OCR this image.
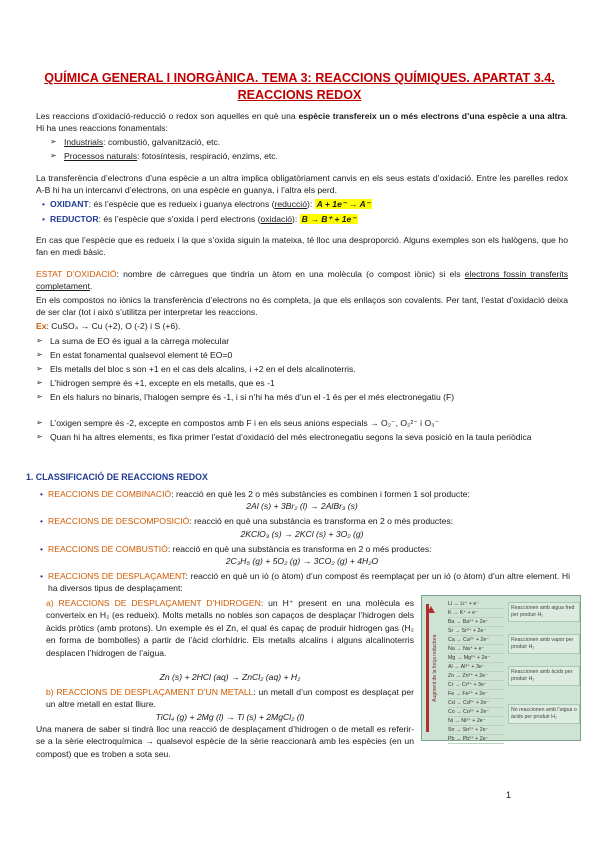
QUÍMICA GENERAL I INORGÀNICA. TEMA 3: REACCIONS QUÍMIQUES. APARTAT 3.4. REACCIONS REDOX
Les reaccions d’oxidació-reducció o redox son aquelles en què una espècie transfereix un o més electrons d’una espècie a una altra. Hi ha unes reaccions fonamentals:
➢ Industrials: combustió, galvanització, etc.
➢ Processos naturals: fotosíntesis, respiració, enzims, etc.
La transferència d’electrons d’una espècie a un altra implica obligatòriament canvis en els seus estats d’oxidació. Entre les parelles redox A-B hi ha un intercanvi d’electrons, on una espècie en guanya, i l’altra els perd.
• OXIDANT: és l’espècie que es redueix i guanya electrons (reducció): A + 1e⁻ → A⁻
• REDUCTOR: és l’espècie que s’oxida i perd electrons (oxidació): B → B⁺ + 1e⁻
En cas que l’espècie que es redueix i la que s’oxida siguin la mateixa, té lloc una desproporció. Alguns exemples son els halògens, que ho fan en medi bàsic.
ESTAT D’OXIDACIÓ: nombre de càrregues que tindria un àtom en una molècula (o compost iònic) si els electrons fossin transferits completament.
En els compostos no iònics la transferència d’electrons no és completa, ja que els enllaços son covalents. Per tant, l’estat d’oxidació deixa de ser clar (tot i això s’utilitza per interpretar les reaccions.
Ex: CuSO₄ → Cu (+2), O (-2) i S (+6).
➢ La suma de EO és igual a la càrrega molecular
➢ En estat fonamental qualsevol element té EO=0
➢ Els metalls del bloc s son +1 en el cas dels alcalins, i +2 en el dels alcalinoterris.
➢ L’hidrogen sempre és +1, excepte en els metalls, que es -1
➢ En els halurs no binaris, l’halogen sempre és -1, i si n’hi ha més d’un el -1 és per el més electronegatiu (F)
➢ L’oxigen sempre és -2, excepte en compostos amb F i en els seus anions especials → O₂⁻, O₂²⁻ i O₃⁻
➢ Quan hi ha altres elements, es fixa primer l’estat d’oxidació del més electronegatiu segons la seva posició en la taula periòdica
1. CLASSIFICACIÓ DE REACCIONS REDOX
• REACCIONS DE COMBINACIÓ: reacció en què les 2 o més substàncies es combinen i formen 1 sol producte:
2Al (s) + 3Br₂ (l) → 2AlBr₃ (s)
• REACCIONS DE DESCOMPOSICIÓ: reacció en què una substància es transforma en 2 o més productes:
2KClO₃ (s) → 2KCl (s) + 3O₂ (g)
• REACCIONS DE COMBUSTIÓ: reacció en què una substància es transforma en 2 o més productes:
2C₃H₈ (g) + 5O₂ (g) → 3CO₂ (g) + 4H₂O
• REACCIONS DE DESPLAÇAMENT: reacció en què un ió (o àtom) d’un compost és reemplaçat per un ió (o àtom) d’un altre element. Hi ha diversos tipus de desplaçament:
a) REACCIONS DE DESPLAÇAMENT D’HIDROGEN: un H⁺ present en una molècula es converteix en H₂ (es redueix). Molts metalls no nobles son capaços de desplaçar l’hidrogen dels àcids pròtics (amb protons). Un exemple és el Zn, el qual és capaç de produir hidrogen gas (H₂ en forma de bombolles) a partir de l’àcid clorhídric. Els metalls alcalins i alguns alcalinoterris desplacen l’hidrogen de l’aigua.
Zn (s) + 2HCl (aq) → ZnCl₂ (aq) + H₂
b) REACCIONS DE DESPLAÇAMENT D’UN METALL: un metall d’un compost es desplaçat per un altre metall en estat lliure.
TiCl₄ (g) + 2Mg (l) → Ti (s) + 2MgCl₂ (l)
Una manera de saber si tindrà lloc una reacció de desplaçament d’hidrogen o de metall es referir-se a la sèrie electroquímica → qualsevol espècie de la sèrie reaccionarà amb les espècies (en un compost) que es troben a sota seu.
Augment de la força reductora
Li → Li⁺ + e⁻
K → K⁺ + e⁻
Ba → Ba²⁺ + 2e⁻
Sr → Sr²⁺ + 2e⁻
Ca → Ca²⁺ + 2e⁻
Na → Na⁺ + e⁻
Mg → Mg²⁺ + 2e⁻
Al → Al³⁺ + 3e⁻
Zn → Zn²⁺ + 2e⁻
Cr → Cr³⁺ + 3e⁻
Fe → Fe²⁺ + 2e⁻
Cd → Cd²⁺ + 2e⁻
Co → Co²⁺ + 2e⁻
Ni → Ni²⁺ + 2e⁻
Sn → Sn²⁺ + 2e⁻
Pb → Pb²⁺ + 2e⁻
Reaccionen amb aigua fred per produir H₂
Reaccionen amb vapor per produir H₂
Reaccionen amb àcids per produir H₂
No reaccionen amb l’aigua o àcids per produir H₂
1
